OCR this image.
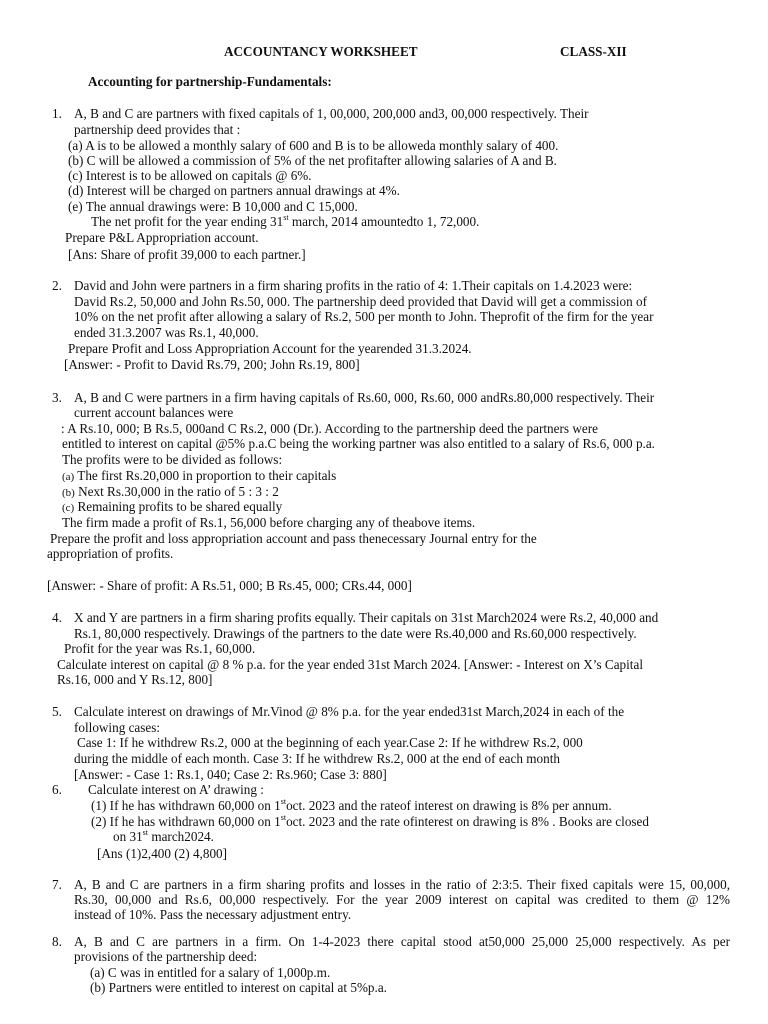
ACCOUNTANCY WORKSHEET	CLASS-XII
Accounting for partnership-Fundamentals:
1. A, B and C are partners with fixed capitals of 1, 00,000, 200,000 and3, 00,000 respectively. Their
partnership deed provides that :
(a) A is to be allowed a monthly salary of 600 and B is to be alloweda monthly salary of 400.
(b) C will be allowed a commission of 5% of the net profitafter allowing salaries of A and B.
(c) Interest is to be allowed on capitals @ 6%.
(d) Interest will be charged on partners annual drawings at 4%.
(e) The annual drawings were: B 10,000 and C 15,000.
The net profit for the year ending 31st march, 2014 amountedto 1, 72,000.
Prepare P&L Appropriation account.
[Ans: Share of profit 39,000 to each partner.]
2. David and John were partners in a firm sharing profits in the ratio of 4: 1.Their capitals on 1.4.2023 were:
David Rs.2, 50,000 and John Rs.50, 000. The partnership deed provided that David will get a commission of
10% on the net profit after allowing a salary of Rs.2, 500 per month to John. Theprofit of the firm for the year
ended 31.3.2007 was Rs.1, 40,000.
Prepare Profit and Loss Appropriation Account for the yearended 31.3.2024.
[Answer: - Profit to David Rs.79, 200; John Rs.19, 800]
3. A, B and C were partners in a firm having capitals of Rs.60, 000, Rs.60, 000 andRs.80,000 respectively. Their
current account balances were
: A Rs.10, 000; B Rs.5, 000and C Rs.2, 000 (Dr.). According to the partnership deed the partners were
entitled to interest on capital @5% p.a.C being the working partner was also entitled to a salary of Rs.6, 000 p.a.
The profits were to be divided as follows:
(a) The first Rs.20,000 in proportion to their capitals
(b) Next Rs.30,000 in the ratio of 5 : 3 : 2
(c) Remaining profits to be shared equally
The firm made a profit of Rs.1, 56,000 before charging any of theabove items.
Prepare the profit and loss appropriation account and pass thenecessary Journal entry for the
appropriation of profits.
[Answer: - Share of profit: A Rs.51, 000; B Rs.45, 000; CRs.44, 000]
4. X and Y are partners in a firm sharing profits equally. Their capitals on 31st March2024 were Rs.2, 40,000 and
Rs.1, 80,000 respectively. Drawings of the partners to the date were Rs.40,000 and Rs.60,000 respectively.
Profit for the year was Rs.1, 60,000.
Calculate interest on capital @ 8 % p.a. for the year ended 31st March 2024. [Answer: - Interest on X’s Capital
Rs.16, 000 and Y Rs.12, 800]
5. Calculate interest on drawings of Mr.Vinod @ 8% p.a. for the year ended31st March,2024 in each of the
following cases:
Case 1: If he withdrew Rs.2, 000 at the beginning of each year.Case 2: If he withdrew Rs.2, 000
during the middle of each month. Case 3: If he withdrew Rs.2, 000 at the end of each month
[Answer: - Case 1: Rs.1, 040; Case 2: Rs.960; Case 3: 880]
6. Calculate interest on A’ drawing :
(1) If he has withdrawn 60,000 on 1stoct. 2023 and the rateof interest on drawing is 8% per annum.
(2) If he has withdrawn 60,000 on 1stoct. 2023 and the rate ofinterest on drawing is 8% . Books are closed
on 31st march2024.
[Ans (1)2,400 (2) 4,800]
7. A, B and C are partners in a firm sharing profits and losses in the ratio of 2:3:5. Their fixed capitals were 15, 00,000,
Rs.30, 00,000 and Rs.6, 00,000 respectively. For the year 2009 interest on capital was credited to them @ 12%
instead of 10%. Pass the necessary adjustment entry.
8. A, B and C are partners in a firm. On 1-4-2023 there capital stood at50,000 25,000 25,000 respectively. As per
provisions of the partnership deed:
(a) C was in entitled for a salary of 1,000p.m.
(b) Partners were entitled to interest on capital at 5%p.a.
